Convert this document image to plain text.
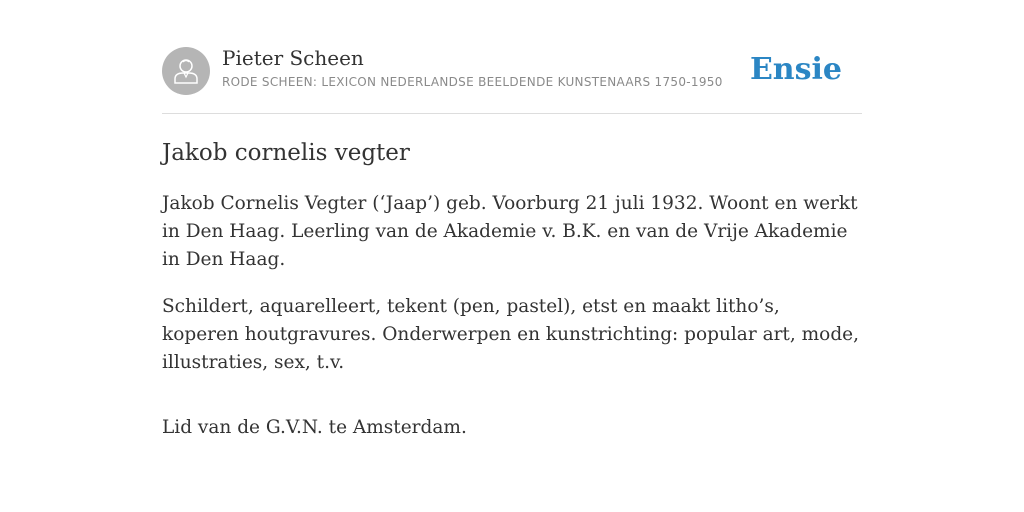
Pieter Scheen
RODE SCHEEN: LEXICON NEDERLANDSE BEELDENDE KUNSTENAARS 1750-1950 Ensie
Jakob cornelis vegter

Jakob Cornelis Vegter (‘Jaap’) geb. Voorburg 21 juli 1932. Woont en werkt in Den Haag. Leerling van de Akademie v. B.K. en van de Vrije Akademie in Den Haag.

Schildert, aquarelleert, tekent (pen, pastel), etst en maakt litho’s, koperen houtgravures. Onderwerpen en kunstrichting: popular art, mode, illustraties, sex, t.v.

Lid van de G.V.N. te Amsterdam.
